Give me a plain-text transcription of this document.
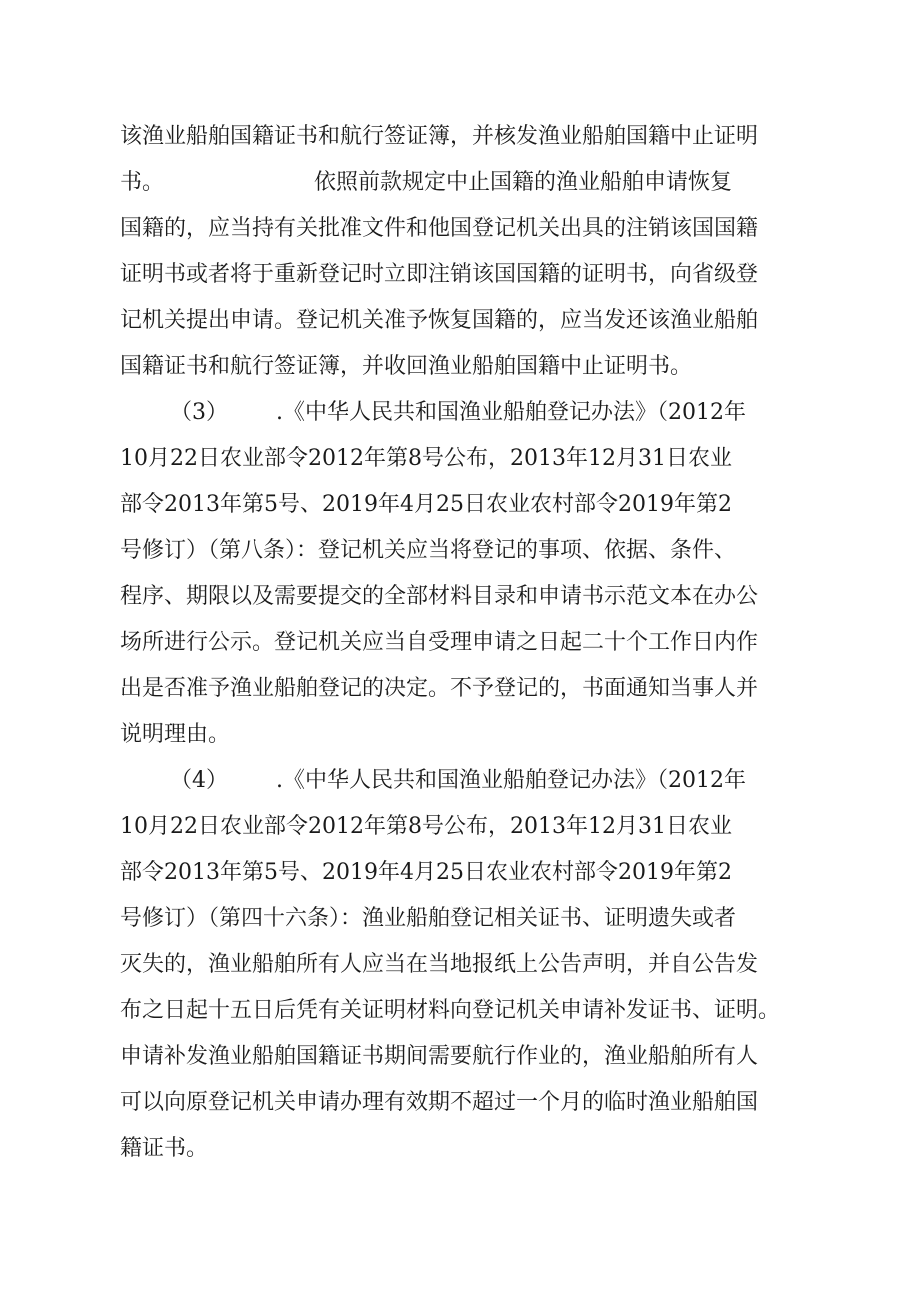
该渔业船舶国籍证书和航行签证簿，并核发渔业船舶国籍中止证明
书。	依照前款规定中止国籍的渔业船舶申请恢复
国籍的，应当持有关批准文件和他国登记机关出具的注销该国国籍
证明书或者将于重新登记时立即注销该国国籍的证明书，向省级登
记机关提出申请。登记机关准予恢复国籍的，应当发还该渔业船舶
国籍证书和航行签证簿，并收回渔业船舶国籍中止证明书。
（3） .《中华人民共和国渔业船舶登记办法》（2012年
10月22日农业部令2012年第8号公布，2013年12月31日农业
部令2013年第5号、2019年4月25日农业农村部令2019年第2
号修订）（第八条）：登记机关应当将登记的事项、依据、条件、
程序、期限以及需要提交的全部材料目录和申请书示范文本在办公
场所进行公示。登记机关应当自受理申请之日起二十个工作日内作
出是否准予渔业船舶登记的决定。不予登记的，书面通知当事人并
说明理由。
（4） .《中华人民共和国渔业船舶登记办法》（2012年
10月22日农业部令2012年第8号公布，2013年12月31日农业
部令2013年第5号、2019年4月25日农业农村部令2019年第2
号修订）（第四十六条）：渔业船舶登记相关证书、证明遗失或者
灭失的，渔业船舶所有人应当在当地报纸上公告声明，并自公告发
布之日起十五日后凭有关证明材料向登记机关申请补发证书、证明。
申请补发渔业船舶国籍证书期间需要航行作业的，渔业船舶所有人
可以向原登记机关申请办理有效期不超过一个月的临时渔业船舶国
籍证书。
